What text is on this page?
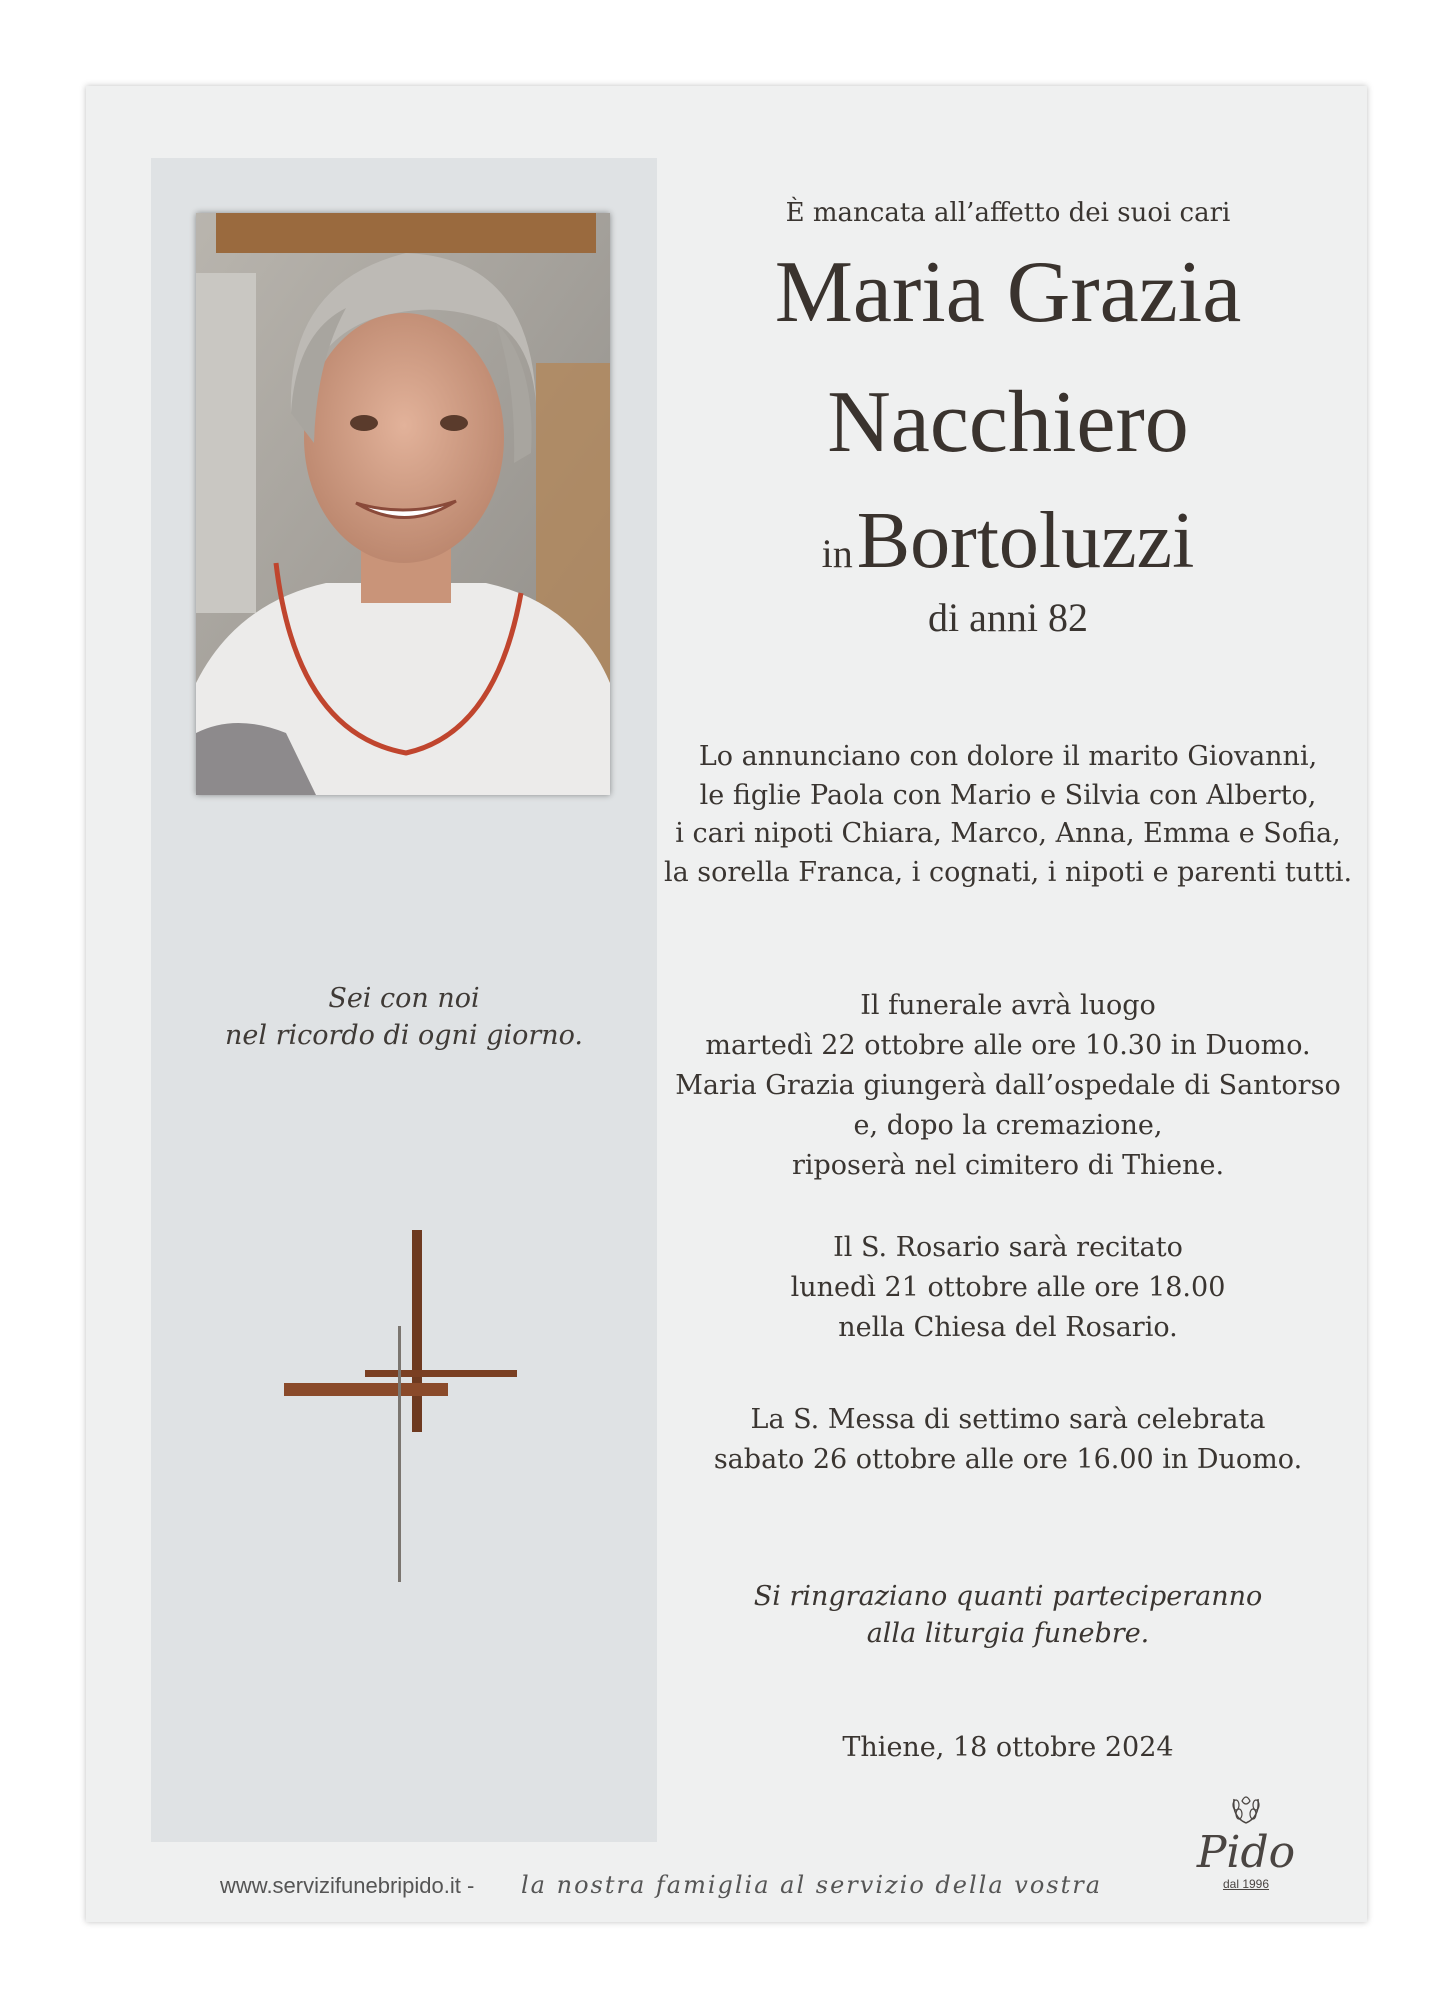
Sei con noi
nel ricordo di ogni giorno.
È mancata all’affetto dei suoi cari
Maria Grazia
Nacchiero
in Bortoluzzi
di anni 82
Lo annunciano con dolore il marito Giovanni,
le figlie Paola con Mario e Silvia con Alberto,
i cari nipoti Chiara, Marco, Anna, Emma e Sofia,
la sorella Franca, i cognati, i nipoti e parenti tutti.
Il funerale avrà luogo
martedì 22 ottobre alle ore 10.30 in Duomo.
Maria Grazia giungerà dall’ospedale di Santorso
e, dopo la cremazione,
riposerà nel cimitero di Thiene.
Il S. Rosario sarà recitato
lunedì 21 ottobre alle ore 18.00
nella Chiesa del Rosario.
La S. Messa di settimo sarà celebrata
sabato 26 ottobre alle ore 16.00 in Duomo.
Si ringraziano quanti parteciperanno
alla liturgia funebre.
Thiene, 18 ottobre 2024
www.servizifunebripido.it - la nostra famiglia al servizio della vostra
Pido
dal 1996
